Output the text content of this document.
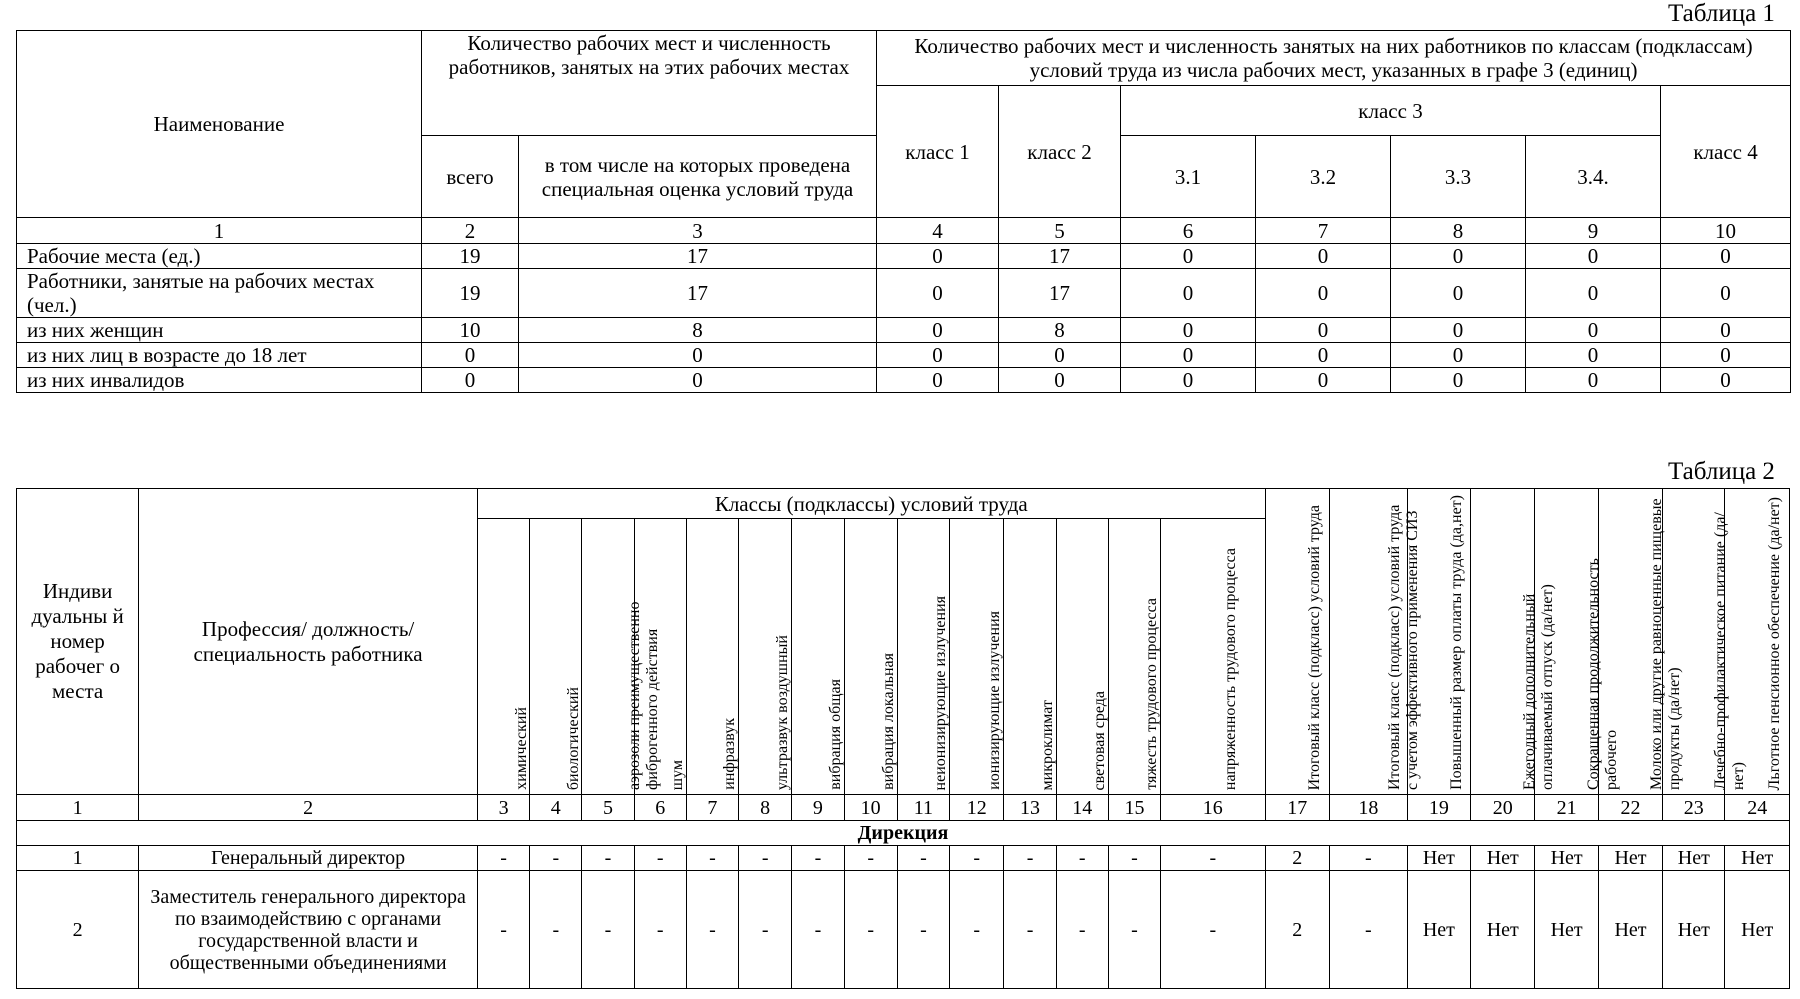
Таблица 1
Наименование	Количество рабочих мест и численность работников, занятых на этих рабочих местах		Количество рабочих мест и численность занятых на них работников по классам (подклассам) условий труда из числа рабочих мест, указанных в графе 3 (единиц)						
			класс 1	класс 2	класс 3				класс 4
	всего	в том числе на которых проведена специальная оценка условий труда			3.1	3.2	3.3	3.4.	
1	2	3	4	5	6	7	8	9	10
Рабочие места (ед.)	19	17	0	17	0	0	0	0	0
Работники, занятые на рабочих местах (чел.)	19	17	0	17	0	0	0	0	0
из них женщин	10	8	0	8	0	0	0	0	0
из них лиц в возрасте до 18 лет	0	0	0	0	0	0	0	0	0
из них инвалидов	0	0	0	0	0	0	0	0	0
Таблица 2
Индиви дуальны й номер рабочег о места	Профессия/ должность/ специальность работника	Классы (подклассы) условий труда														Итоговый класс (подкласс) условий труда	Итоговый класс (подкласс) условий труда с учетом эффективного применения СИЗ	Повышенный размер оплаты труда (да,нет)	Ежегодный дополнительный оплачиваемый отпуск (да/нет)	Сокращенная продолжительность рабочего	Молоко или другие равноценные пищевые продукты (да/нет)	Лечебно-профилактическое питание (да/нет)	Льготное пенсионное обеспечение (да/нет)

		химический	биологический	аэрозоли преимущественно фиброгенного действия	шум	инфразвук	ультразвук воздушный	вибрация общая	вибрация локальная	неионизирующие излучения	ионизирующие излучения	микроклимат	световая среда	тяжесть трудового процесса	напряженность трудового процесса								

1	2	3	4	5	6	7	8	9	10	11	12	13	14	15	16	17	18	19	20	21	22	23	24
Дирекция																							
1	Генеральный директор	-	-	-	-	-	-	-	-	-	-	-	-	-	-	2	-	Нет	Нет	Нет	Нет	Нет	Нет
2	Заместитель генерального директора по взаимодействию с органами государственной власти и общественными объединениями	-	-	-	-	-	-	-	-	-	-	-	-	-	-	2	-	Нет	Нет	Нет	Нет	Нет	Нет
